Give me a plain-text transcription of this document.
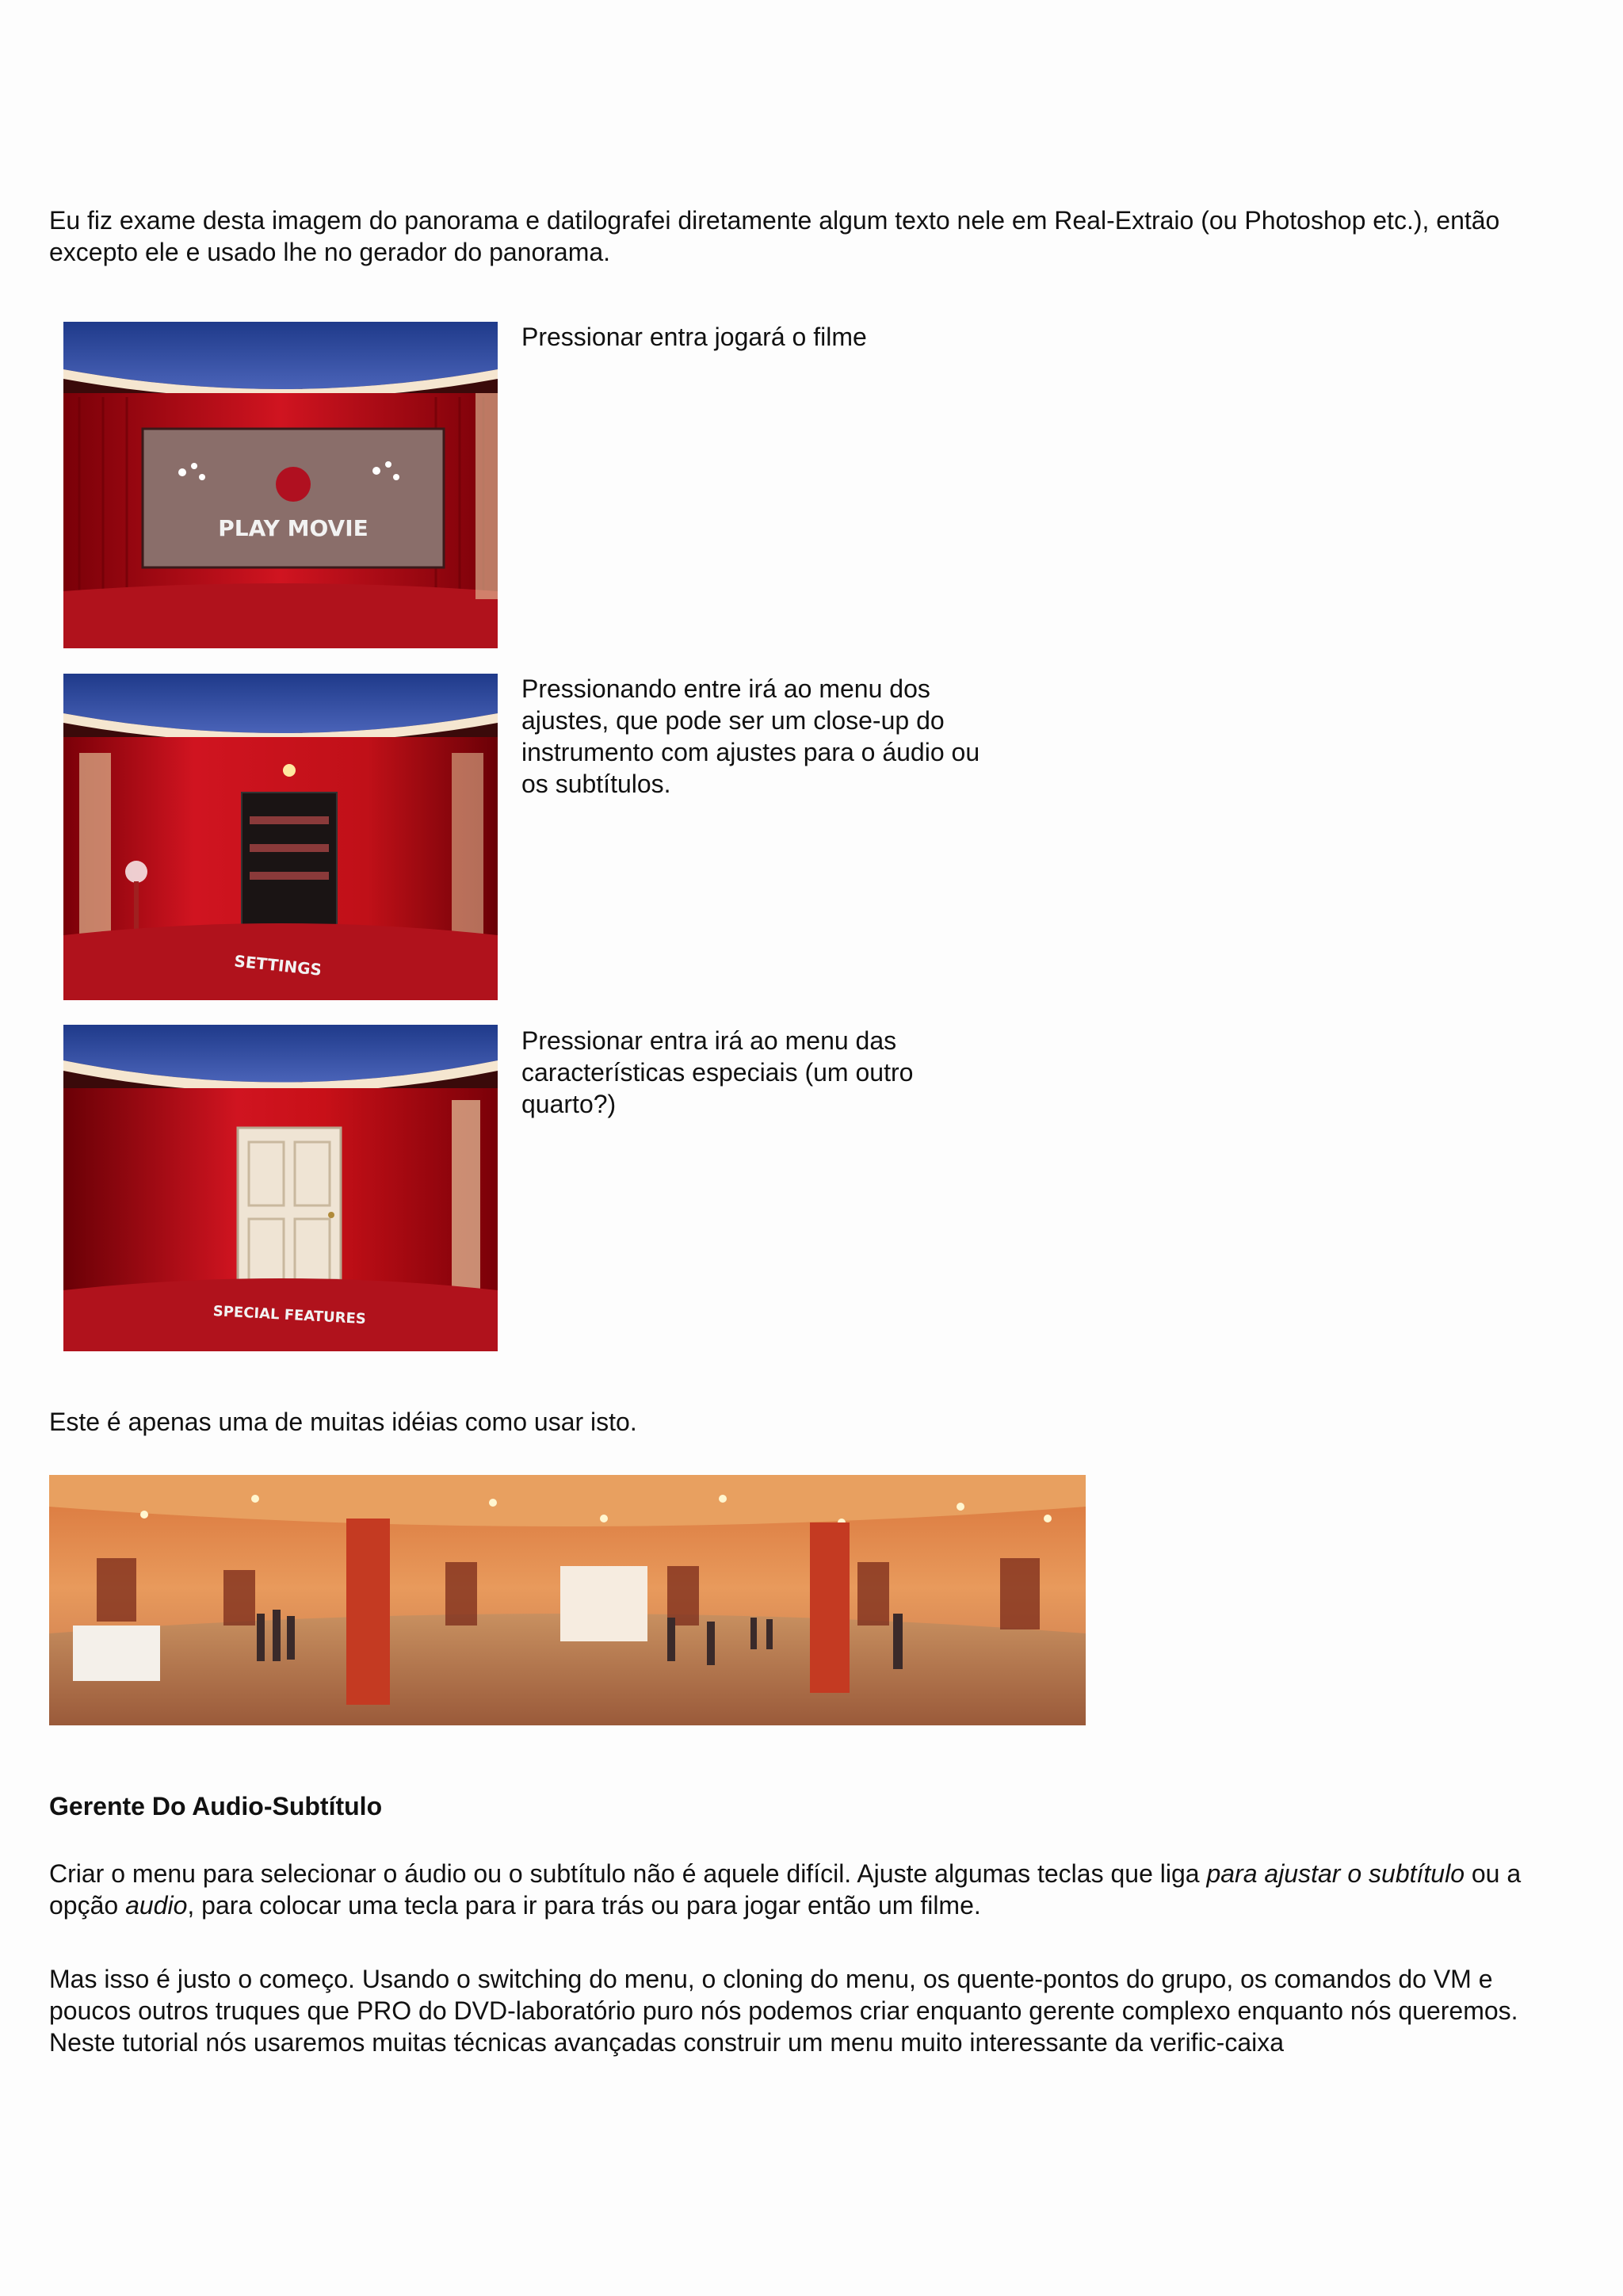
Eu fiz exame desta imagem do panorama e datilografei diretamente algum texto nele em Real-Extraio (ou Photoshop etc.), então excepto ele e usado lhe no gerador do panorama.

PLAY MOVIE

Pressionar entra jogará o filme

SETTINGS

Pressionando entre irá ao menu dos ajustes, que pode ser um close-up do instrumento com ajustes para o áudio ou os subtítulos.

SPECIAL FEATURES

Pressionar entra irá ao menu das características especiais (um outro quarto?)

Este é apenas uma de muitas idéias como usar isto.

Gerente Do Audio-Subtítulo

Criar o menu para selecionar o áudio ou o subtítulo não é aquele difícil. Ajuste algumas teclas que liga para ajustar o subtítulo ou a opção audio, para colocar uma tecla para ir para trás ou para jogar então um filme.

Mas isso é justo o começo. Usando o switching do menu, o cloning do menu, os quente-pontos do grupo, os comandos do VM e poucos outros truques que PRO do DVD-laboratório puro nós podemos criar enquanto gerente complexo enquanto nós queremos. Neste tutorial nós usaremos muitas técnicas avançadas construir um menu muito interessante da verific-caixa
